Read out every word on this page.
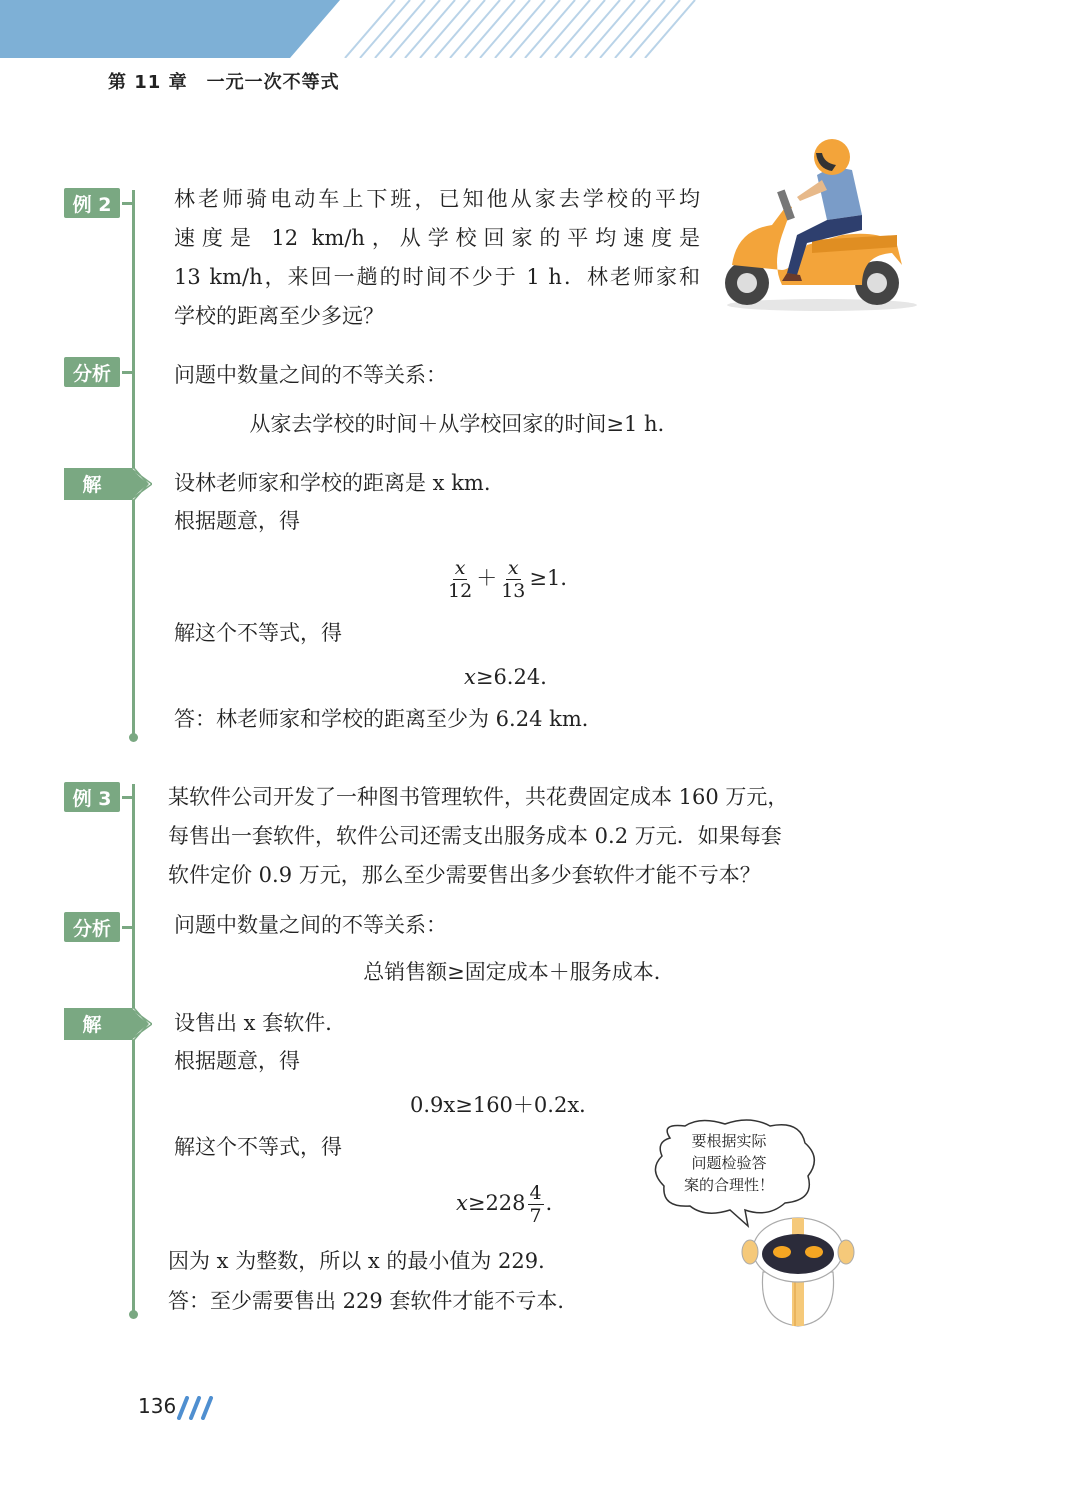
第 11 章　一元一次不等式
例 2	林老师骑电动车上下班，已知他从家去学校的平均
速度是 12 km/h，从学校回家的平均速度是
13 km/h，来回一趟的时间不少于 1 h．林老师家和
学校的距离至少多远？
分析	问题中数量之间的不等关系：
从家去学校的时间＋从学校回家的时间≥1 h．
解	设林老师家和学校的距离是 x km.
根据题意，得
$\frac{x}{12} + \frac{x}{13} \ge 1$．
解这个不等式，得
x≥6.24．
答：林老师家和学校的距离至少为 6.24 km．
例 3	某软件公司开发了一种图书管理软件，共花费固定成本 160 万元，
每售出一套软件，软件公司还需支出服务成本 0.2 万元．如果每套
软件定价 0.9 万元，那么至少需要售出多少套软件才能不亏本？
分析	问题中数量之间的不等关系：
总销售额≥固定成本＋服务成本．
解	设售出 x 套软件．
根据题意，得
0.9x≥160＋0.2x．
解这个不等式，得
$x\ge 228 \frac{4}{7}$ ．
因为 x 为整数，所以 x 的最小值为 229．
答：至少需要售出 229 套软件才能不亏本．
要根据实际
问题检验答
案的合理性！
136
